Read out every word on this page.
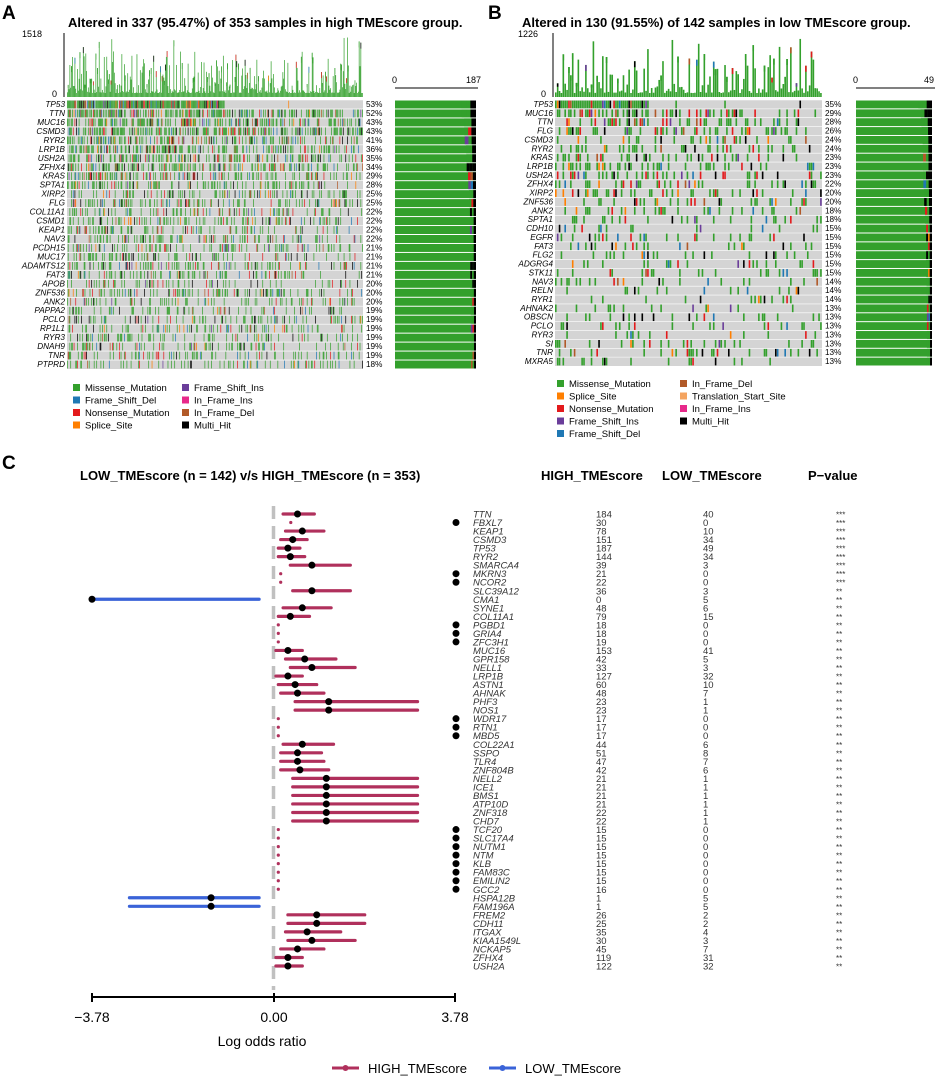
A	Altered in 337 (95.47%) of 353 samples in high TMEscore group.
1518
0
TP53
TTN
MUC16
CSMD3
RYR2
LRP1B
USH2A
ZFHX4
KRAS
SPTA1
XIRP2
FLG
COL11A1
CSMD1
KEAP1
NAV3
PCDH15
MUC17
ADAMTS12
FAT3
APOB
ZNF536
ANK2
PAPPA2
PCLO
RP1L1
RYR3
DNAH9
TNR
PTPRD
53%
52%
43%
43%
41%
36%
35%
34%
29%
28%
25%
25%
22%
22%
22%
22%
21%
21%
21%
21%
20%
20%
20%
19%
19%
19%
19%
19%
19%
18%
0	187
Missense_Mutation
Frame_Shift_Del
Nonsense_Mutation
Splice_Site
Frame_Shift_Ins
In_Frame_Ins
In_Frame_Del
Multi_Hit
B Altered in 130 (91.55%) of 142 samples in low TMEscore group.
1226
0
TP53
MUC16
TTN
FLG
CSMD3
RYR2
KRAS
LRP1B
USH2A
ZFHX4
XIRP2
ZNF536
ANK2
SPTA1
CDH10
EGFR
FAT3
FLG2
ADGRG4
STK11
NAV3
RELN
RYR1
AHNAK2
OBSCN
PCLO
RYR3
SI
TNR
MXRA5
35%
29%
28%
26%
24%
24%
23%
23%
23%
22%
20%
20%
18%
18%
15%
15%
15%
15%
15%
15%
14%
14%
14%
13%
13%
13%
13%
13%
13%
13%
0	49
Missense_Mutation
Splice_Site
Nonsense_Mutation
Frame_Shift_Ins
Frame_Shift_Del
In_Frame_Del
Translation_Start_Site
In_Frame_Ins
Multi_Hit
C
LOW_TMEscore (n = 142) v/s HIGH_TMEscore (n = 353)	HIGH_TMEscore LOW_TMEscore	P−value
TTN	184	40	***
FBXL7	30	0	***
KEAP1	78	10	***
CSMD3	151	34	***
TP53	187	49	***
RYR2	144	34	***
SMARCA4	39	3	***
MKRN3	21	0	***
NCOR2	22	0	***
SLC39A12	36	3	**
CMA1	0	5	**
SYNE1	48	6	**
COL11A1	79	15	**
PGBD1	18	0	**
GRIA4	18	0	**
ZFC3H1	19	0	**
MUC16	153	41	**
GPR158	42	5	**
NELL1	33	3	**
LRP1B	127	32	**
ASTN1	60	10	**
AHNAK	48	7	**
PHF3	23	1	**
NOS1	23	1	**
WDR17	17	0	**
RTN1	17	0	**
MBD5	17	0	**
COL22A1	44	6	**
SSPO	51	8	**
TLR4	47	7	**
ZNF804B	42	6	**
NELL2	21	1	**
ICE1	21	1	**
BMS1	21	1	**
ATP10D	21	1	**
ZNF318	22	1	**
CHD7	22	1	**
TCF20	15	0	**
SLC17A4	15	0	**
NUTM1	15	0	**
NTM	15	0	**
KLB	15	0	**
FAM83C	15	0	**
EMILIN2	15	0	**
GCC2	16	0	**
HSPA12B	1	5	**
FAM196A	1	5	**
FREM2	26	2	**
CDH11	25	2	**
ITGAX	35	4	**
KIAA1549L	30	3	**
NCKAP5	45	7	**
ZFHX4	119	31	**
USH2A	122	32	**
−3.78	0.00	3.78
Log odds ratio
HIGH_TMEscore	LOW_TMEscore
